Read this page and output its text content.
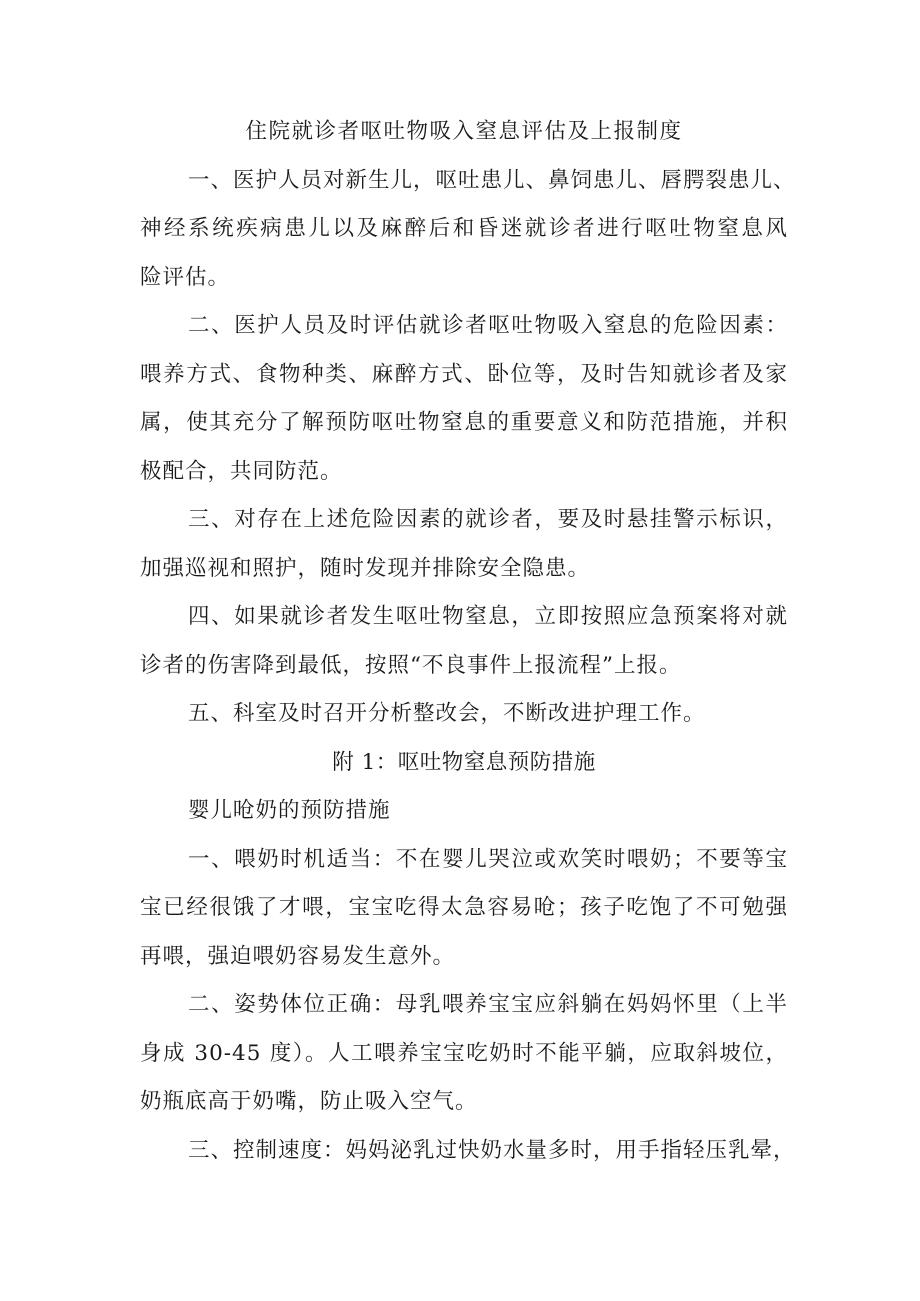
住院就诊者呕吐物吸入窒息评估及上报制度
一、医护人员对新生儿，呕吐患儿、鼻饲患儿、唇腭裂患儿、
神经系统疾病患儿以及麻醉后和昏迷就诊者进行呕吐物窒息风
险评估。
二、医护人员及时评估就诊者呕吐物吸入窒息的危险因素：
喂养方式、食物种类、麻醉方式、卧位等，及时告知就诊者及家
属，使其充分了解预防呕吐物窒息的重要意义和防范措施，并积
极配合，共同防范。
三、对存在上述危险因素的就诊者，要及时悬挂警示标识，
加强巡视和照护，随时发现并排除安全隐患。
四、如果就诊者发生呕吐物窒息，立即按照应急预案将对就
诊者的伤害降到最低，按照“不良事件上报流程”上报。
五、科室及时召开分析整改会，不断改进护理工作。
附 1：呕吐物窒息预防措施
婴儿呛奶的预防措施
一、喂奶时机适当：不在婴儿哭泣或欢笑时喂奶；不要等宝
宝已经很饿了才喂，宝宝吃得太急容易呛；孩子吃饱了不可勉强
再喂，强迫喂奶容易发生意外。
二、姿势体位正确：母乳喂养宝宝应斜躺在妈妈怀里（上半
身成 30-45 度）。人工喂养宝宝吃奶时不能平躺，应取斜坡位，
奶瓶底高于奶嘴，防止吸入空气。
三、控制速度：妈妈泌乳过快奶水量多时，用手指轻压乳晕，
